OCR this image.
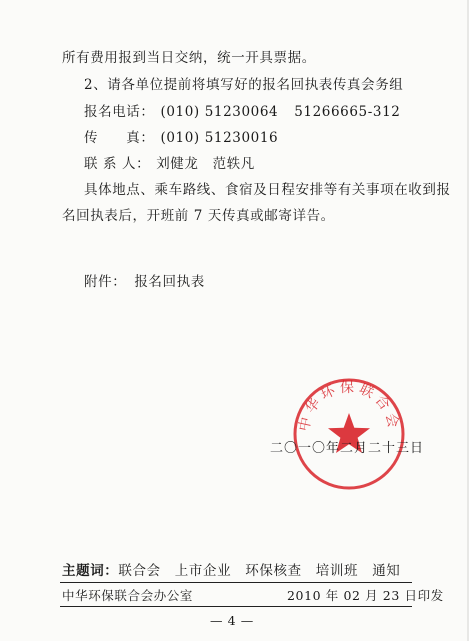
所有费用报到当日交纳，统一开具票据。
2、请各单位提前将填写好的报名回执表传真会务组
报名电话： (010) 51230064 51266665-312
传　　真： (010) 51230016
联 系 人： 刘健龙　范轶凡
具体地点、乘车路线、食宿及日程安排等有关事项在收到报
名回执表后，开班前 7 天传真或邮寄详告。
附件： 报名回执表
中华环保联合会
二〇一〇年二月二十三日
主题词：联合会　上市企业　环保核查　培训班　通知
中华环保联合会办公室	2010 年 02 月 23 日印发
— 4 —
